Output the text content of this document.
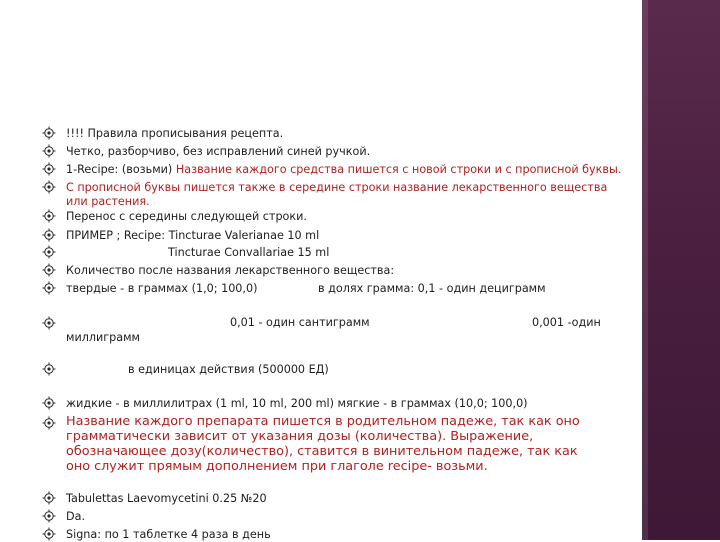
!!!! Правила прописывания рецепта.
Четко, разборчиво, без исправлений синей ручкой.
1-Recipe: (возьми) Название каждого средства пишется с новой строки и с прописной буквы.
С прописной буквы пишется также в середине строки название лекарственного вещества или растения.
Перенос с середины следующей строки.
ПРИМЕР ; Recipe: Tincturae Valerianae 10 ml
Tincturae Convallariae 15 ml
Количество после названия лекарственного вещества:
твердые - в граммах (1,0; 100,0)	в долях грамма: 0,1 - один дециграмм
0,01 - один сантиграмм	0,001 -один
миллиграмм
в единицах действия (500000 ЕД)
жидкие - в миллилитрах (1 ml, 10 ml, 200 ml) мягкие - в граммах (10,0; 100,0)
Название каждого препарата пишется в родительном падеже, так как оно грамматически зависит от указания дозы (количества). Выражение, обозначающее дозу(количество), ставится в винительном падеже, так как оно служит прямым дополнением при глаголе recipe- возьми.
Tabulettas Laevomycetini 0.25 №20
Da.
Signa: по 1 таблетке 4 раза в день
